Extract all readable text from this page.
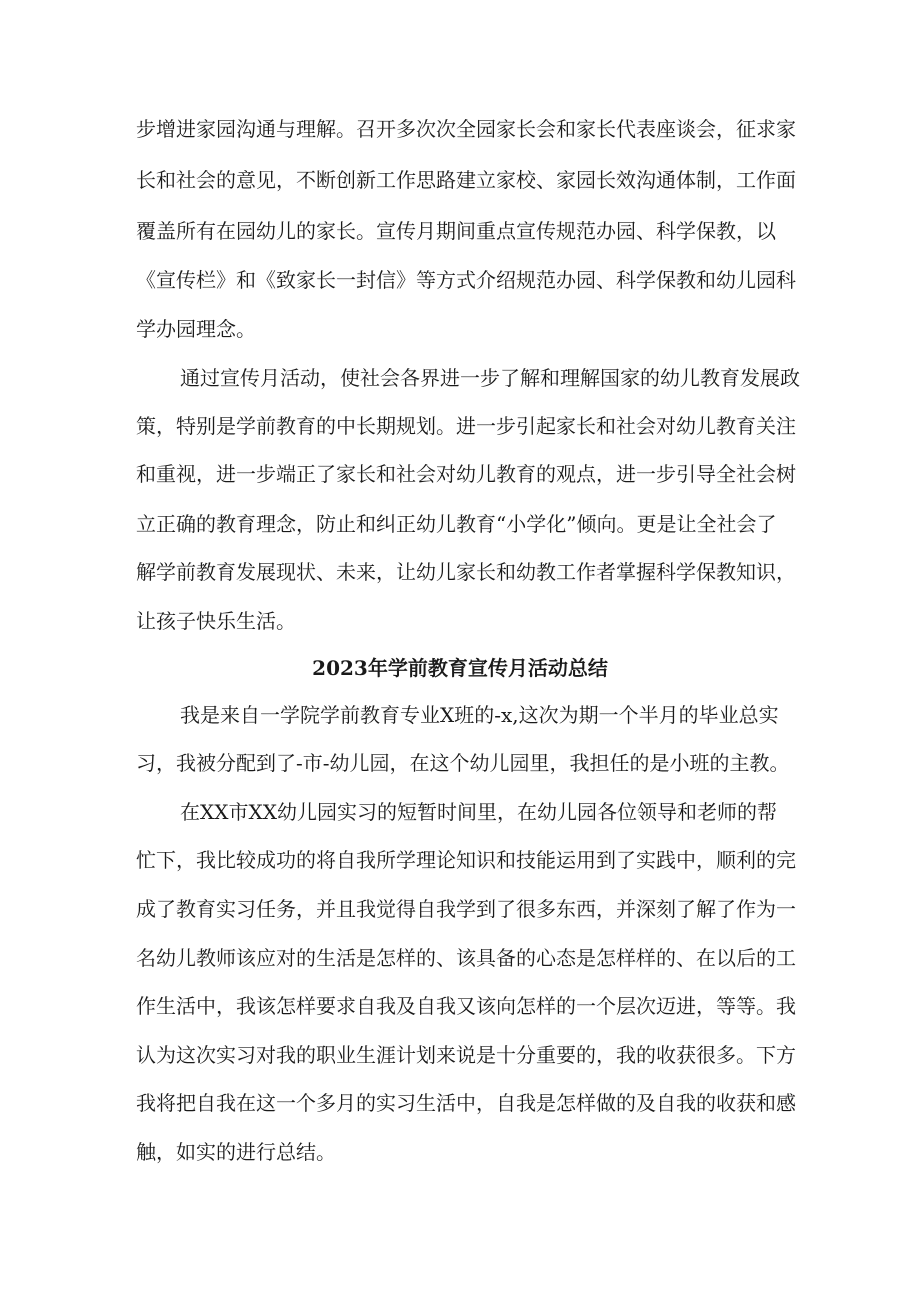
步增进家园沟通与理解。召开多次次全园家长会和家长代表座谈会，征求家
长和社会的意见，不断创新工作思路建立家校、家园长效沟通体制，工作面
覆盖所有在园幼儿的家长。宣传月期间重点宣传规范办园、科学保教，以
《宣传栏》和《致家长一封信》等方式介绍规范办园、科学保教和幼儿园科
学办园理念。
通过宣传月活动，使社会各界进一步了解和理解国家的幼儿教育发展政
策，特别是学前教育的中长期规划。进一步引起家长和社会对幼儿教育关注
和重视，进一步端正了家长和社会对幼儿教育的观点，进一步引导全社会树
立正确的教育理念，防止和纠正幼儿教育“小学化”倾向。更是让全社会了
解学前教育发展现状、未来，让幼儿家长和幼教工作者掌握科学保教知识，
让孩子快乐生活。
2023年学前教育宣传月活动总结
我是来自一学院学前教育专业X班的-x,这次为期一个半月的毕业总实
习，我被分配到了-市-幼儿园，在这个幼儿园里，我担任的是小班的主教。
在XX市XX幼儿园实习的短暂时间里，在幼儿园各位领导和老师的帮
忙下，我比较成功的将自我所学理论知识和技能运用到了实践中，顺利的完
成了教育实习任务，并且我觉得自我学到了很多东西，并深刻了解了作为一
名幼儿教师该应对的生活是怎样的、该具备的心态是怎样样的、在以后的工
作生活中，我该怎样要求自我及自我又该向怎样的一个层次迈进，等等。我
认为这次实习对我的职业生涯计划来说是十分重要的，我的收获很多。下方
我将把自我在这一个多月的实习生活中，自我是怎样做的及自我的收获和感
触，如实的进行总结。
